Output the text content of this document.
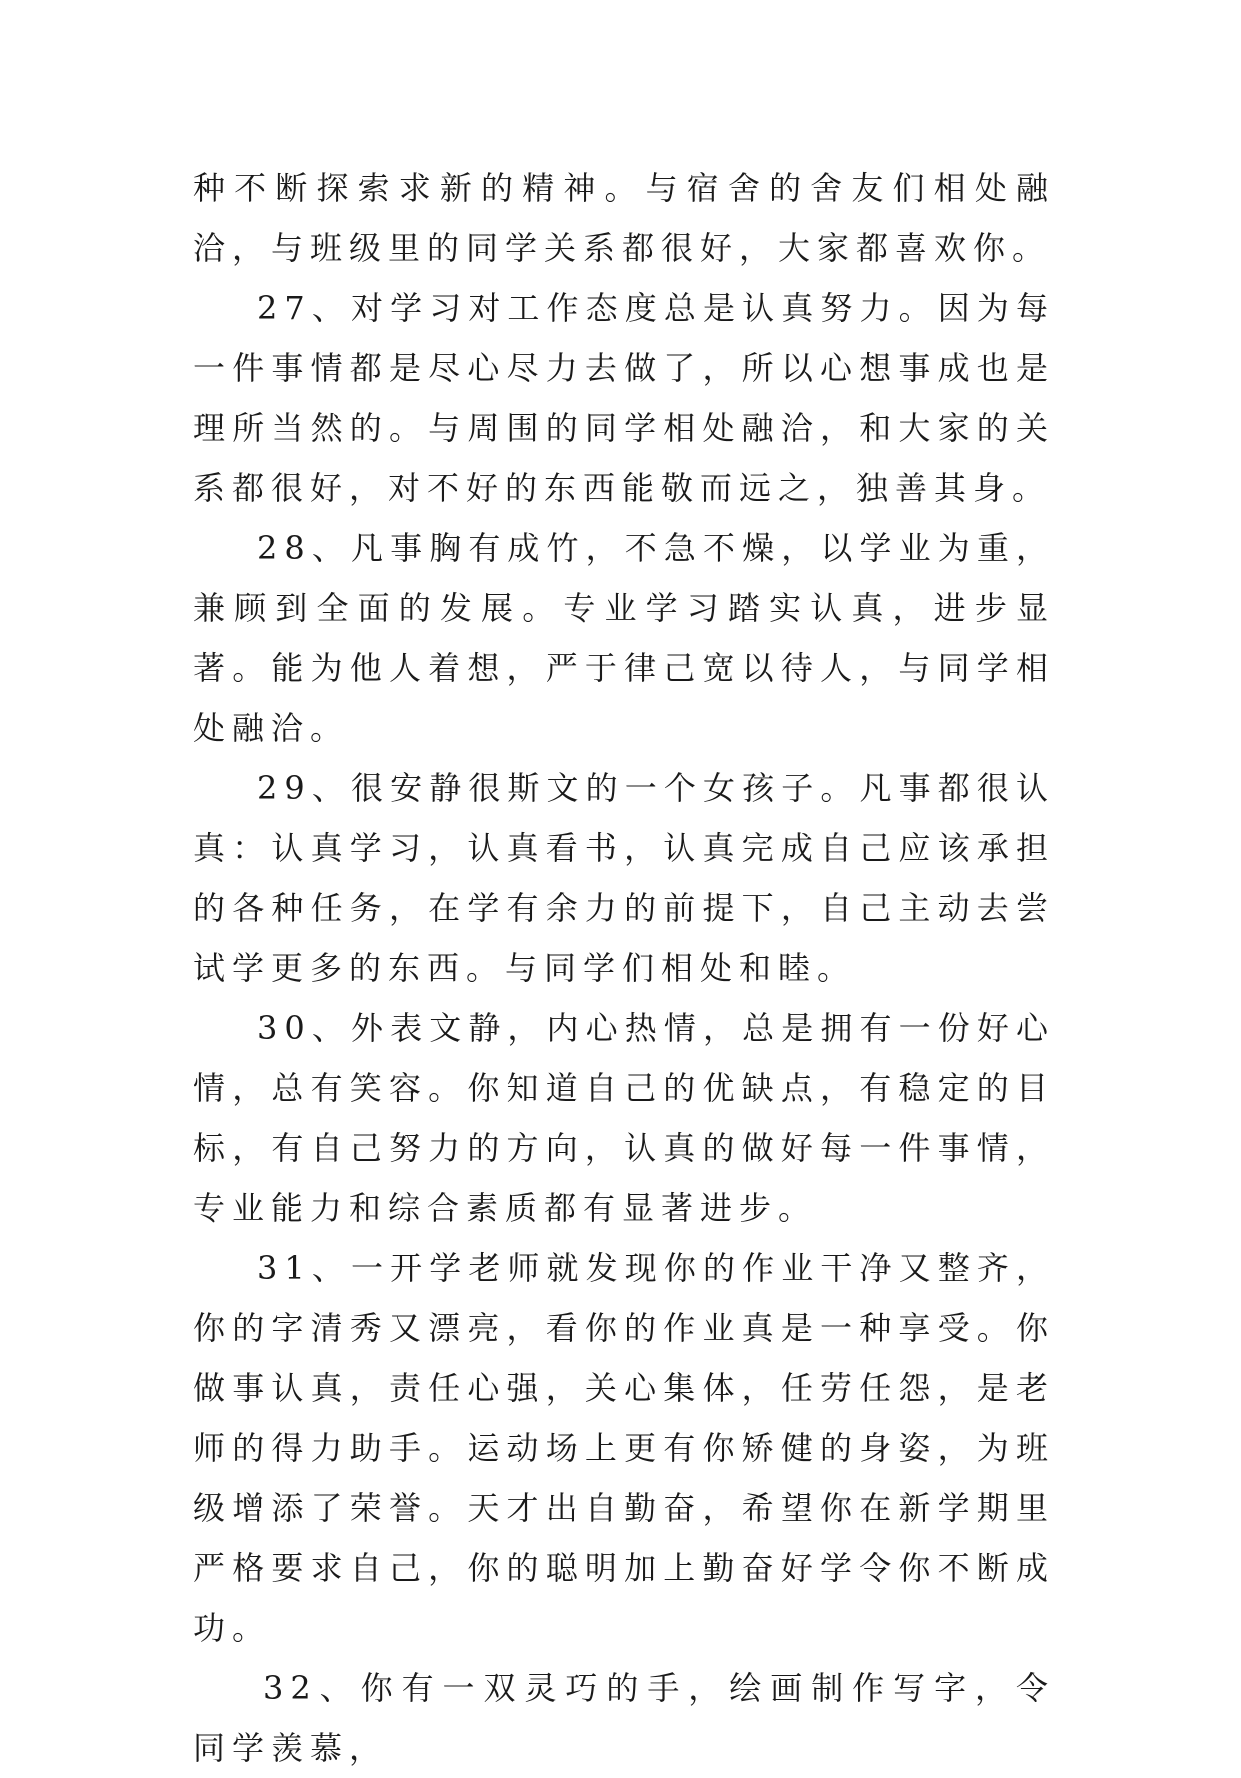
种不断探索求新的精神。与宿舍的舍友们相处融洽，与班级里的同学关系都很好，大家都喜欢你。

27、对学习对工作态度总是认真努力。因为每一件事情都是尽心尽力去做了，所以心想事成也是理所当然的。与周围的同学相处融洽，和大家的关系都很好，对不好的东西能敬而远之，独善其身。

28、凡事胸有成竹，不急不燥，以学业为重，兼顾到全面的发展。专业学习踏实认真，进步显著。能为他人着想，严于律己宽以待人，与同学相处融洽。

29、很安静很斯文的一个女孩子。凡事都很认真：认真学习，认真看书，认真完成自己应该承担的各种任务，在学有余力的前提下，自己主动去尝试学更多的东西。与同学们相处和睦。

30、外表文静，内心热情，总是拥有一份好心情，总有笑容。你知道自己的优缺点，有稳定的目标，有自己努力的方向，认真的做好每一件事情，专业能力和综合素质都有显著进步。

31、一开学老师就发现你的作业干净又整齐，你的字清秀又漂亮，看你的作业真是一种享受。你做事认真，责任心强，关心集体，任劳任怨，是老师的得力助手。运动场上更有你矫健的身姿，为班级增添了荣誉。天才出自勤奋，希望你在新学期里严格要求自己，你的聪明加上勤奋好学令你不断成功。

32、你有一双灵巧的手，绘画制作写字，令同学羡慕，
